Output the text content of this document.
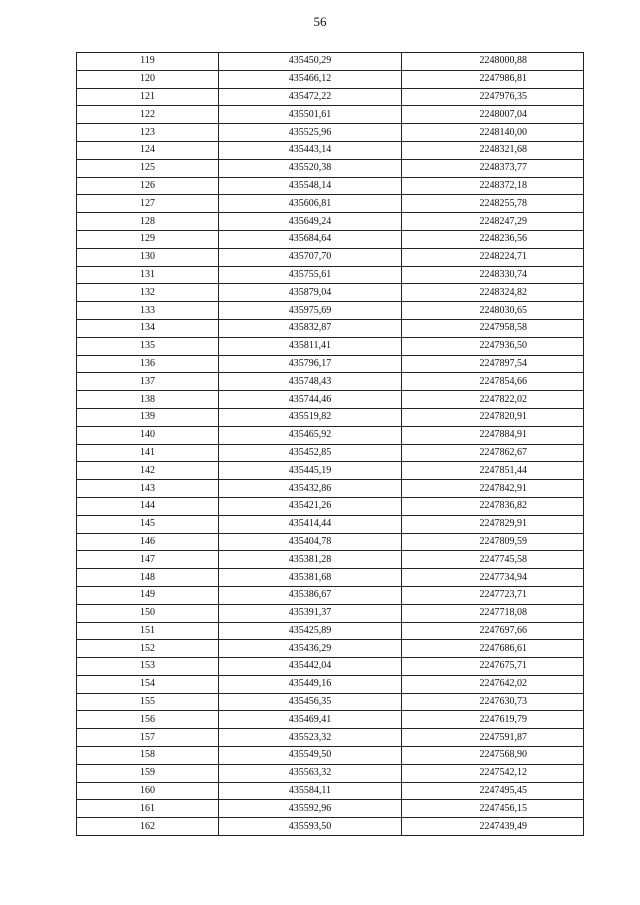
56
119	435450,29	2248000,88
120	435466,12	2247986,81
121	435472,22	2247976,35
122	435501,61	2248007,04
123	435525,96	2248140,00
124	435443,14	2248321,68
125	435520,38	2248373,77
126	435548,14	2248372,18
127	435606,81	2248255,78
128	435649,24	2248247,29
129	435684,64	2248236,56
130	435707,70	2248224,71
131	435755,61	2248330,74
132	435879,04	2248324,82
133	435975,69	2248030,65
134	435832,87	2247958,58
135	435811,41	2247936,50
136	435796,17	2247897,54
137	435748,43	2247854,66
138	435744,46	2247822,02
139	435519,82	2247820,91
140	435465,92	2247884,91
141	435452,85	2247862,67
142	435445,19	2247851,44
143	435432,86	2247842,91
144	435421,26	2247836,82
145	435414,44	2247829,91
146	435404,78	2247809,59
147	435381,28	2247745,58
148	435381,68	2247734,94
149	435386,67	2247723,71
150	435391,37	2247718,08
151	435425,89	2247697,66
152	435436,29	2247686,61
153	435442,04	2247675,71
154	435449,16	2247642,02
155	435456,35	2247630,73
156	435469,41	2247619,79
157	435523,32	2247591,87
158	435549,50	2247568,90
159	435563,32	2247542,12
160	435584,11	2247495,45
161	435592,96	2247456,15
162	435593,50	2247439,49
